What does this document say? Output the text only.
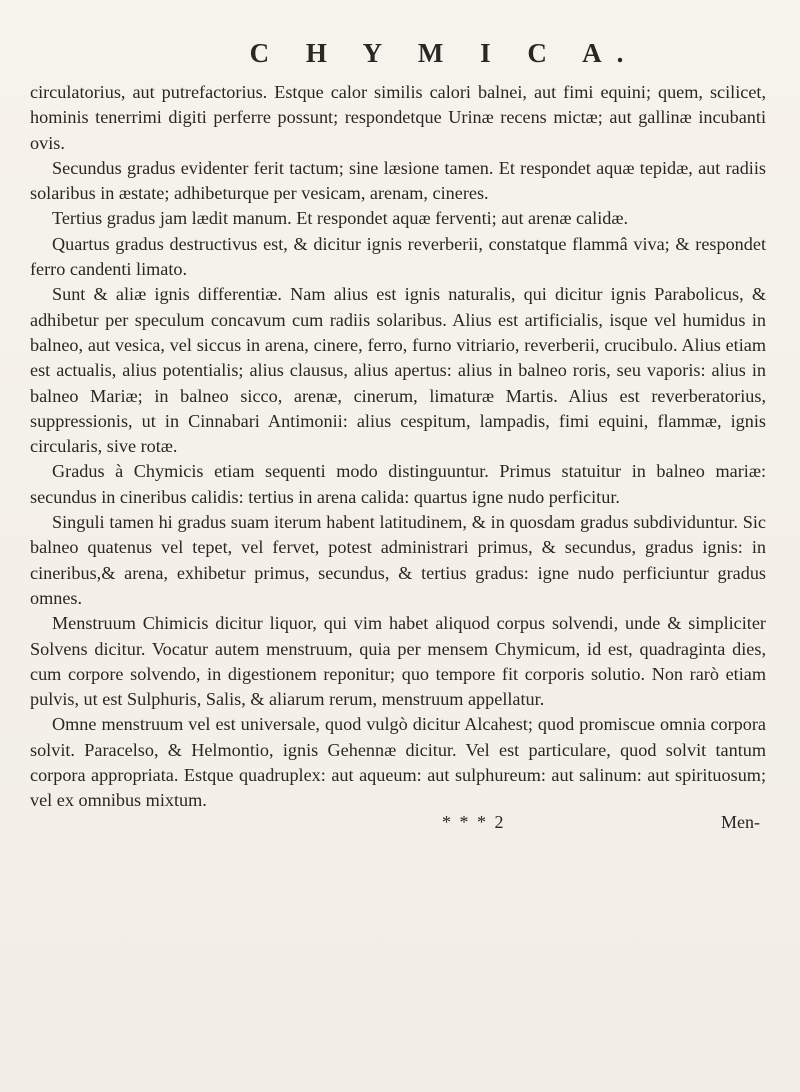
C H Y M I C A.

circulatorius, aut putrefactorius. Estque calor similis calori balnei, aut fimi equini; quem, scilicet, hominis tenerrimi digiti perferre possunt; respondetque Urinæ recens mictæ; aut gallinæ incubanti ovis.

Secundus gradus evidenter ferit tactum; sine læsione tamen. Et respondet aquæ tepidæ, aut radiis solaribus in æstate; adhibeturque per vesicam, arenam, cineres.

Tertius gradus jam lædit manum. Et respondet aquæ ferventi; aut arenæ calidæ.

Quartus gradus destructivus est, & dicitur ignis reverberii, constatque flammâ viva; & respondet ferro candenti limato.

Sunt & aliæ ignis differentiæ. Nam alius est ignis naturalis, qui dicitur ignis Parabolicus, & adhibetur per speculum concavum cum radiis solaribus. Alius est artificialis, isque vel humidus in balneo, aut vesica, vel siccus in arena, cinere, ferro, furno vitriario, reverberii, crucibulo. Alius etiam est actualis, alius potentialis; alius clausus, alius apertus: alius in balneo roris, seu vaporis: alius in balneo Mariæ; in balneo sicco, arenæ, cinerum, limaturæ Martis. Alius est reverberatorius, suppressionis, ut in Cinnabari Antimonii: alius cespitum, lampadis, fimi equini, flammæ, ignis circularis, sive rotæ.

Gradus à Chymicis etiam sequenti modo distinguuntur. Primus statuitur in balneo mariæ: secundus in cineribus calidis: tertius in arena calida: quartus igne nudo perficitur.

Singuli tamen hi gradus suam iterum habent latitudinem, & in quosdam gradus subdividuntur. Sic balneo quatenus vel tepet, vel fervet, potest administrari primus, & secundus, gradus ignis: in cineribus,& arena, exhibetur primus, secundus, & tertius gradus: igne nudo perficiuntur gradus omnes.

Menstruum Chimicis dicitur liquor, qui vim habet aliquod corpus solvendi, unde & simpliciter Solvens dicitur. Vocatur autem menstruum, quia per mensem Chymicum, id est, quadraginta dies, cum corpore solvendo, in digestionem reponitur; quo tempore fit corporis solutio. Non rarò etiam pulvis, ut est Sulphuris, Salis, & aliarum rerum, menstruum appellatur.

Omne menstruum vel est universale, quod vulgò dicitur Alcahest; quod promiscue omnia corpora solvit. Paracelso, & Helmontio, ignis Gehennæ dicitur. Vel est particulare, quod solvit tantum corpora appropriata. Estque quadruplex: aut aqueum: aut sulphureum: aut salinum: aut spirituosum; vel ex omnibus mixtum.

* * * 2	Men-
